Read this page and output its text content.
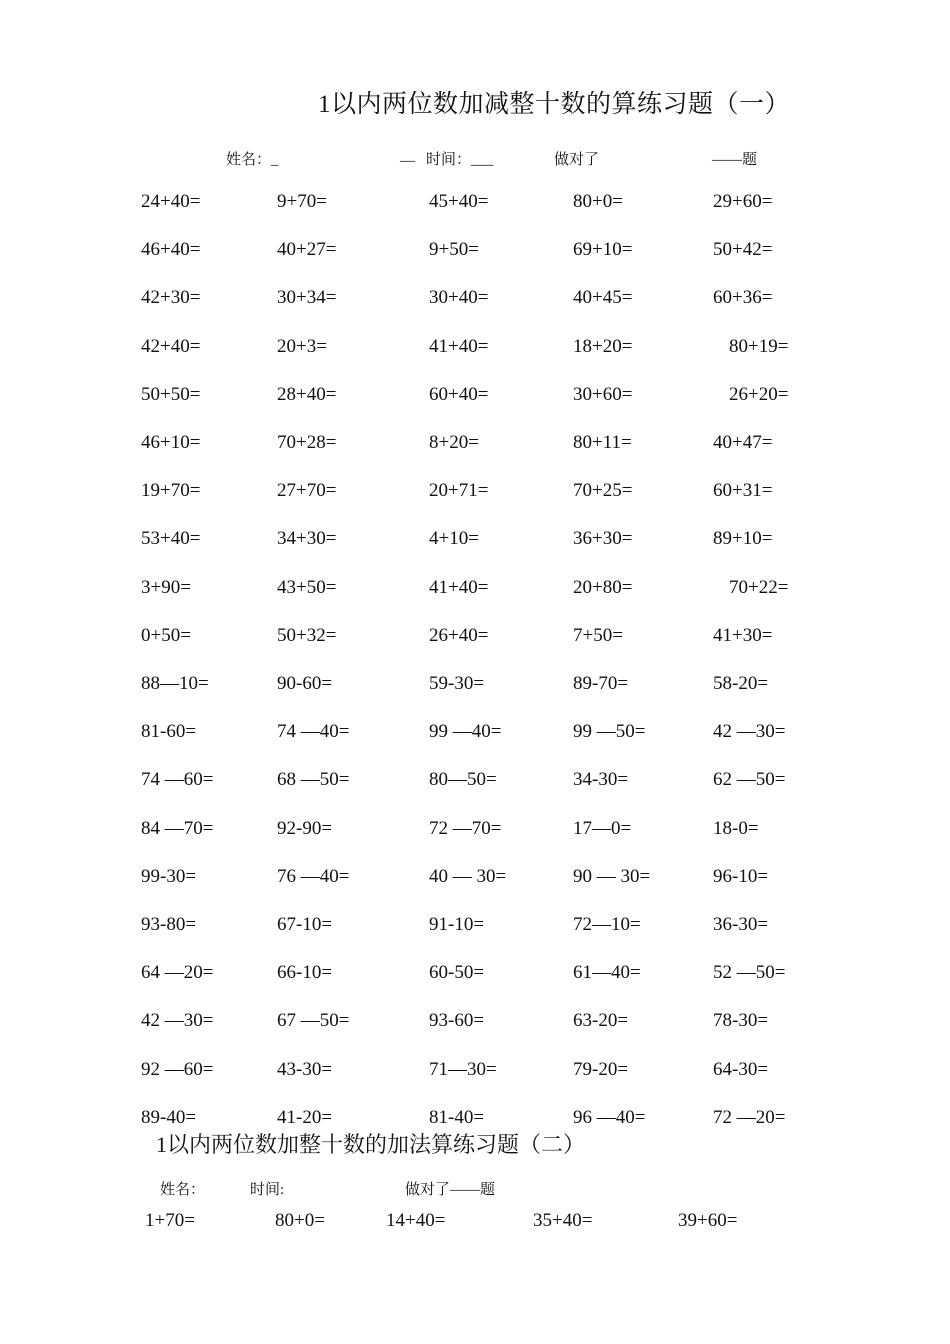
1以内两位数加减整十数的算练习题（一）
姓名：_	__ 时间：___	做对了	——题
24+40=	9+70=	45+40=	80+0=	29+60=
46+40=	40+27=	9+50=	69+10=	50+42=
42+30=	30+34=	30+40=	40+45=	60+36=
42+40=	20+3=	41+40=	18+20=	80+19=
50+50=	28+40=	60+40=	30+60=	26+20=
46+10=	70+28=	8+20=	80+11=	40+47=
19+70=	27+70=	20+71=	70+25=	60+31=
53+40=	34+30=	4+10=	36+30=	89+10=
3+90=	43+50=	41+40=	20+80=	70+22=
0+50=	50+32=	26+40=	7+50=	41+30=
88—10=	90-60=	59-30=	89-70=	58-20=
81-60=	74 —40=	99 —40=	99 —50=	42 —30=
74 —60=	68 —50=	80—50=	34-30=	62 —50=
84 —70=	92-90=	72 —70=	17—0=	18-0=
99-30=	76 —40=	40 — 30=	90 — 30=	96-10=
93-80=	67-10=	91-10=	72—10=	36-30=
64 —20=	66-10=	60-50=	61—40=	52 —50=
42 —30=	67 —50=	93-60=	63-20=	78-30=
92 —60=	43-30=	71—30=	79-20=	64-30=
89-40=	41-20=	81-40=	96 —40=	72 —20=
1以内两位数加整十数的加法算练习题（二）
姓名：	时间:	做对了——题
1+70=	80+0=	14+40=	35+40=	39+60=
